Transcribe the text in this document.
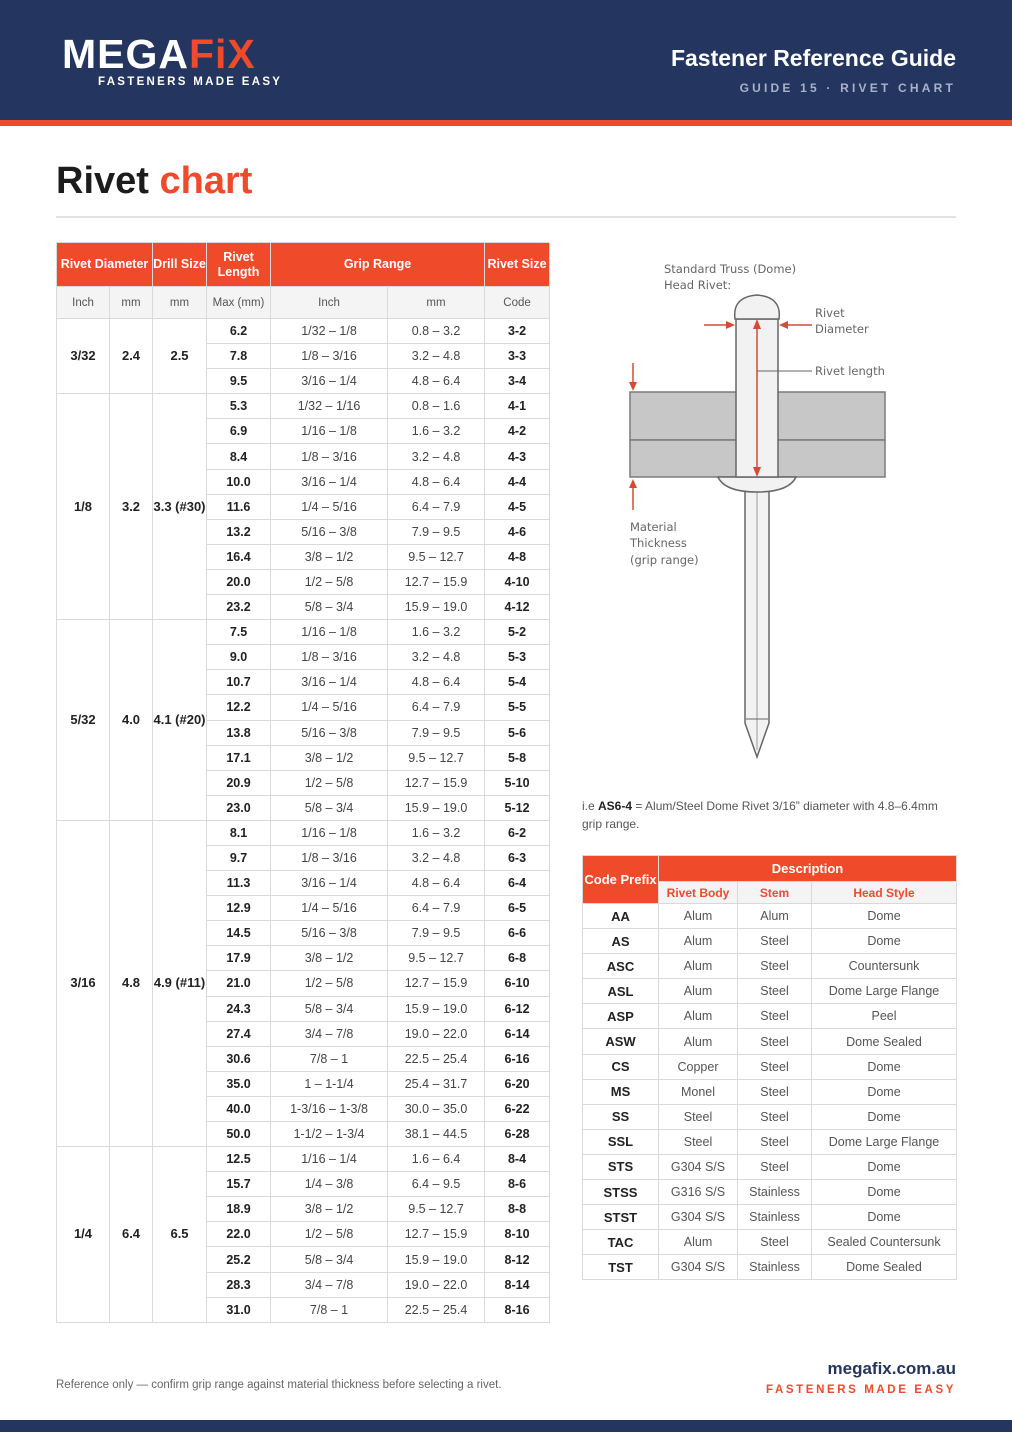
MEGAFiX
FASTENERS MADE EASY
Fastener Reference Guide
GUIDE 15 · RIVET CHART
Rivet chart
Rivet Diameter		Drill Size	Rivet Length	Grip Range		Rivet Size
Inch	mm	mm	Max (mm)	Inch	mm	Code
3/32	2.4	2.5	6.2	1/32 – 1/8	0.8 – 3.2	3-2
			7.8	1/8 – 3/16	3.2 – 4.8	3-3
			9.5	3/16 – 1/4	4.8 – 6.4	3-4
1/8	3.2	3.3 (#30)	5.3	1/32 – 1/16	0.8 – 1.6	4-1
			6.9	1/16 – 1/8	1.6 – 3.2	4-2
			8.4	1/8 – 3/16	3.2 – 4.8	4-3
			10.0	3/16 – 1/4	4.8 – 6.4	4-4
			11.6	1/4 – 5/16	6.4 – 7.9	4-5
			13.2	5/16 – 3/8	7.9 – 9.5	4-6
			16.4	3/8 – 1/2	9.5 – 12.7	4-8
			20.0	1/2 – 5/8	12.7 – 15.9	4-10
			23.2	5/8 – 3/4	15.9 – 19.0	4-12
5/32	4.0	4.1 (#20)	7.5	1/16 – 1/8	1.6 – 3.2	5-2
			9.0	1/8 – 3/16	3.2 – 4.8	5-3
			10.7	3/16 – 1/4	4.8 – 6.4	5-4
			12.2	1/4 – 5/16	6.4 – 7.9	5-5
			13.8	5/16 – 3/8	7.9 – 9.5	5-6
			17.1	3/8 – 1/2	9.5 – 12.7	5-8
			20.9	1/2 – 5/8	12.7 – 15.9	5-10
			23.0	5/8 – 3/4	15.9 – 19.0	5-12
3/16	4.8	4.9 (#11)	8.1	1/16 – 1/8	1.6 – 3.2	6-2
			9.7	1/8 – 3/16	3.2 – 4.8	6-3
			11.3	3/16 – 1/4	4.8 – 6.4	6-4
			12.9	1/4 – 5/16	6.4 – 7.9	6-5
			14.5	5/16 – 3/8	7.9 – 9.5	6-6
			17.9	3/8 – 1/2	9.5 – 12.7	6-8
			21.0	1/2 – 5/8	12.7 – 15.9	6-10
			24.3	5/8 – 3/4	15.9 – 19.0	6-12
			27.4	3/4 – 7/8	19.0 – 22.0	6-14
			30.6	7/8 – 1	22.5 – 25.4	6-16
			35.0	1 – 1-1/4	25.4 – 31.7	6-20
			40.0	1-3/16 – 1-3/8	30.0 – 35.0	6-22
			50.0	1-1/2 – 1-3/4	38.1 – 44.5	6-28
1/4	6.4	6.5	12.5	1/16 – 1/4	1.6 – 6.4	8-4
			15.7	1/4 – 3/8	6.4 – 9.5	8-6
			18.9	3/8 – 1/2	9.5 – 12.7	8-8
			22.0	1/2 – 5/8	12.7 – 15.9	8-10
			25.2	5/8 – 3/4	15.9 – 19.0	8-12
			28.3	3/4 – 7/8	19.0 – 22.0	8-14
			31.0	7/8 – 1	22.5 – 25.4	8-16
Standard Truss (Dome)
Head Rivet:
Rivet length
Rivet
Diameter
Material
Thickness
(grip range)
i.e AS6-4 = Alum/Steel Dome Rivet 3/16” diameter with 4.8–6.4mm grip range.
Code Prefix	Description		
	Rivet Body	Stem	Head Style
AA	Alum	Alum	Dome
AS	Alum	Steel	Dome
ASC	Alum	Steel	Countersunk
ASL	Alum	Steel	Dome Large Flange
ASP	Alum	Steel	Peel
ASW	Alum	Steel	Dome Sealed
CS	Copper	Steel	Dome
MS	Monel	Steel	Dome
SS	Steel	Steel	Dome
SSL	Steel	Steel	Dome Large Flange
STS	G304 S/S	Steel	Dome
STSS	G316 S/S	Stainless	Dome
STST	G304 S/S	Stainless	Dome
TAC	Alum	Steel	Sealed Countersunk
TST	G304 S/S	Stainless	Dome Sealed
Reference only — confirm grip range against material thickness before selecting a rivet.
megafix.com.au
FASTENERS MADE EASY
